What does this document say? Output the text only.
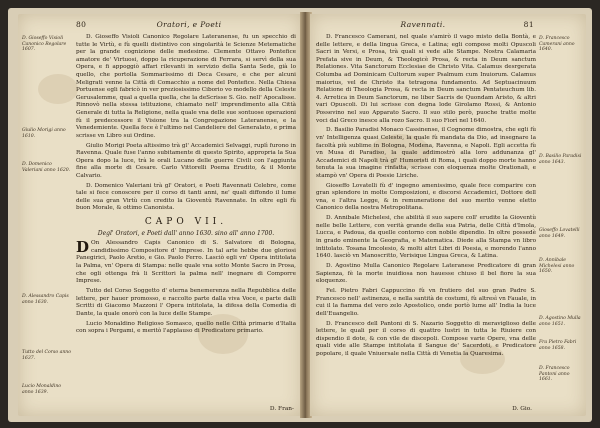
80	Oratori, e Poeti
D. Gioseffo Visioli Canonico Regolare 1607.
Giulio Morigi anno 1610.
D. Domenico Valeriani anno 1620.
D. Alessandro Capis anno 1630.
Tutto del Corso anno 1637.
Lucio Monaldino anno 1639.

D. Gioseffo Visioli Canonico Regolare Lateranense, fu un specchio di tutte le Virtù, e fù quelli distintivo con singolarità le Scienze Metematiche per la grande cognizione delle medesime. Clemente Ottavo Pontefice amatore de' Virtuosi, doppo la ricuperazione di Ferrara, si servì della sua Opera, e fi appoggiò affari rilevanti in servizio della Santa Sede, già lo quello, che portolla Sommarissimo di Deca Cesare, e che per alcuni Meligrati venne la Città di Comacchio a nome del Pontefice. Nella Chiesa Portuense egli fabricò in ver preziosissimo Ciborio vo modello della Celeste Gerusalemme, qual a quella quella, che la deScrisse S. Gio. nell' Apocalisse. Rinnovò nella stessa istituzione, chiamato nell' imprendimento alla Città Generale di tutta la Religione, nella quale vna delle sue sontuose operazioni fù il predecessore il Visione tra la Congregazione Lateranense, e la Venedemiente. Quella fece è l'ultimo nel Candeliere del Generalato, e prima scrisse vn Libro sui Ordine.

Giulio Morigi Poeta altissimo trà gl' Accademici Selvaggi, ruplì furono in Ravenna. Quale fuse l'anno subitamente di questo Spirito, appropria la Sua Opera dopo la luce, trà le orali Lucano delle guerre Civili con l'aggiunta fine alla morte di Cesare. Carlo Vittorelli Poema Erudito, & il Monte Calvario.

D. Domenico Valeriani trà gl' Oratori, e Poeti Ravennati Celebre, come tale si fece conoscere per il corso di tanti anni, ne' quali diffondo il lume delle sua gran Virtù con credito la Gioventù Ravennate. In oltre egli fù buon Morale, & ottimo Canonista.

CAPO VII.
Degl' Oratori, e Poeti dall' anno 1630. sino all' anno 1700.

D On Alessandro Capis Canonico di S. Salvatore di Bologna, candidissimo Compositore d' Imprese. In tal arte hebbe due gloriosi Panegirici, Paolo Aretio, e Gio. Paolo Ferro. Lasciò egli vn' Opera intitolata la Palma, vn' Opera di Stampa: nelle quale vna sotto Monte Sacro in Prosa, che ogli ottenga frà li Scrittori la palma nell' inegnare di Comporre Imprese.

Tutto del Corso Soggetto d' eterna benemerenza nella Repubblica delle lettere, per hauer promosso, e raccolto parte dalla viva Voce, e parte dalli Scritti di Giacomo Mazzoni l' Opera intitolata, la difesa della Comedia di Dante, la quale onorò con la luce delle Stampe.

Lucio Monaldino Religioso Somasco, quello nelle Città primarie d'Italia con sopra i Pergami, e meritò l'applauso di Predicatore primario.

D. Fran-
Ravennati.	81
D. Francesco Camerani anno 1640.
D. Basilio Paradisi anno 1643.
Gioseffo Lovatelli anno 1649.
D. Annibale Michelesi anno 1650.
D. Agostino Mulla anno 1651.
Fra Pietro Fabri anno 1658.
D. Francesco Pantoni anno 1661.

D. Francesco Camerani, nel quale s'amirò il vago misto della Bontà, e delle lettere, e della lingua Greca, e Latina; egli compose molti Opuscoli Sacri in Versi, e Prosa, trà quali si vede alle Stampe. Nostra Calamaria Prefata sive in Deum, & Theologicè Prosa, & recta in Deum sanctum Relationes. Vita Sanctorum Ecclesiae de Christo Vita. Calamus desrgerata Columba ad Dominicam Cultorum super Psalmum cum Inuiorum. Calamus maiorius, vel de Christo ita tetragona fundamento. Ad Septuacinuum Relatione di Theologia Prosa, & recta in Deum sanctum Pentateuchum lib. 4. Arretica in Deum Sanctorum, ne liber Sacris de Quondam Aristo, & altri vari Opuscoli. Di lui scrisse con degna lode Girolamo Rossi, & Antonio Possevino nel suo Apparato Sacro. Il suo stilo però, puoche tratte molte voci dal Greco inesce alla rozo Sacro. Il suo Fiorì nel 1640.

D. Basilio Paradisi Monaco Cassinense, il Cognome dimostra, che egli fù vn' Intelligenza quasi Celeste, la quale fù mandata da Dio, ad insegnare la facoltà più sublime in Bologna, Modena, Ravenna, e Napoli. Egli accetta fù vn Musa di Paradiso, la quale addimostrò alla loro addunanza gl' Accademici di Napoli trà gl' Humoristi di Roma, i quali doppo morte hanno tenuta la sua imagine rinfatta, scrisse con eloquenza molte Orationali, e stampò vn' Opera di Poesie Liriche.

Gioseffo Lovatelli fù d' ingegno amenissimo, quale fece comparire con gran splendore in molte Composizioni, e discorsi Accademici, Dottore dell vna, e l'altra Legge, & in remuneratione del suo merito venne eletto Canonico della nostra Metropolitana.

D. Annibale Michelesi, che abilità il suo sapere coll' erudite la Gioventù nelle belle Lettere, con verità grande della sua Patria, delle Città d'Imola, Lucca, e Padoua, da quelle contorno con nobile dipendio. In oltre possedè in grado eminente la Geografia, e Matematica. Diede alla Stampa vn libro intitolato. Tosana Imcolesio, & molti altri Libri di Poesia, e morendo l'anno 1640. lasciò vn Manoscritto, Verisique Lingua Greca, & Latina.

D. Agostino Mulla Canonico Regolare Lateranese Predicatore di gran Sapienza, fè la morte inuidiosa non hauesse chiuso il bel fiore la sua eloquenze.

Fel. Pietro Fabri Cappuccino fù vn frutiero del suo gran Padre S. Francesco nell' astinenza, e nella santità de costumi, fù altresì vn Fauale, in cui il la fiamma del vero zelo Apostolico, onde portò lume all' India la luce dell'Euangelio.

D. Francesco dell Pantoni di S. Nazario Soggetto di meraviglioso delle lettere, le quali per il corso di quattro lustri in tutta le Riuiere con dispendio il dote, & con vile de discepoli. Compose varie Opere, vna delle quali vide alle Stampe intitolata il Sangue de' Sacerdoti, e Predicatore popolare, il quale Vniuersale nella Città di Venetia la Quaresima.

D. Gio.
